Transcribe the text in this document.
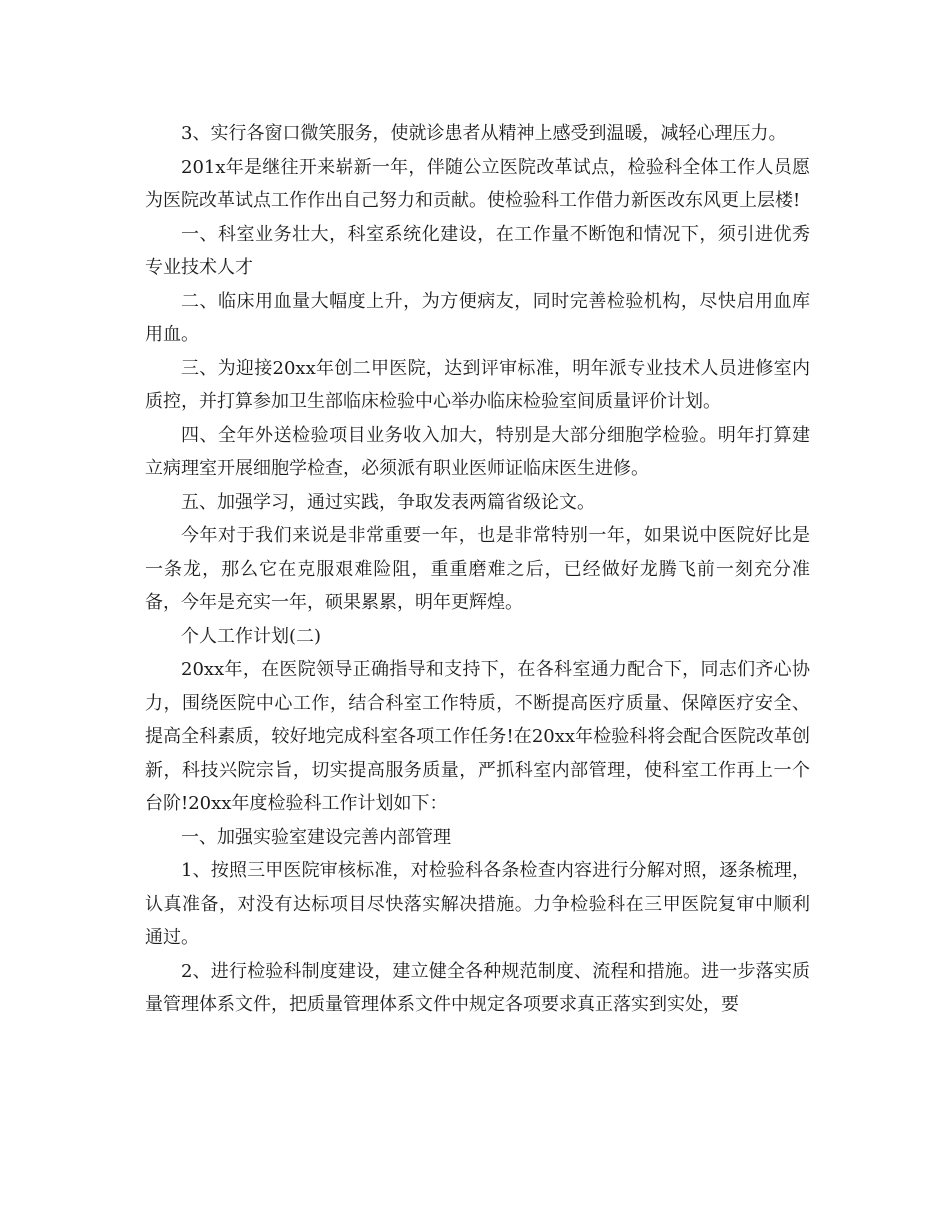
3、实行各窗口微笑服务，使就诊患者从精神上感受到温暖，减轻心理压力。

201x年是继往开来崭新一年，伴随公立医院改革试点，检验科全体工作人员愿为医院改革试点工作作出自己努力和贡献。使检验科工作借力新医改东风更上层楼!

一、科室业务壮大，科室系统化建设，在工作量不断饱和情况下，须引进优秀专业技术人才

二、临床用血量大幅度上升，为方便病友，同时完善检验机构，尽快启用血库用血。

三、为迎接20xx年创二甲医院，达到评审标准，明年派专业技术人员进修室内质控，并打算参加卫生部临床检验中心举办临床检验室间质量评价计划。

四、全年外送检验项目业务收入加大，特别是大部分细胞学检验。明年打算建立病理室开展细胞学检查，必须派有职业医师证临床医生进修。

五、加强学习，通过实践，争取发表两篇省级论文。

今年对于我们来说是非常重要一年，也是非常特别一年，如果说中医院好比是一条龙，那么它在克服艰难险阻，重重磨难之后，已经做好龙腾飞前一刻充分准备，今年是充实一年，硕果累累，明年更辉煌。

个人工作计划(二)

20xx年，在医院领导正确指导和支持下，在各科室通力配合下，同志们齐心协力，围绕医院中心工作，结合科室工作特质，不断提高医疗质量、保障医疗安全、提高全科素质，较好地完成科室各项工作任务!在20xx年检验科将会配合医院改革创新，科技兴院宗旨，切实提高服务质量，严抓科室内部管理，使科室工作再上一个台阶!20xx年度检验科工作计划如下：

一、加强实验室建设完善内部管理

1、按照三甲医院审核标准，对检验科各条检查内容进行分解对照，逐条梳理，认真准备，对没有达标项目尽快落实解决措施。力争检验科在三甲医院复审中顺利通过。

2、进行检验科制度建设，建立健全各种规范制度、流程和措施。进一步落实质量管理体系文件，把质量管理体系文件中规定各项要求真正落实到实处，要
